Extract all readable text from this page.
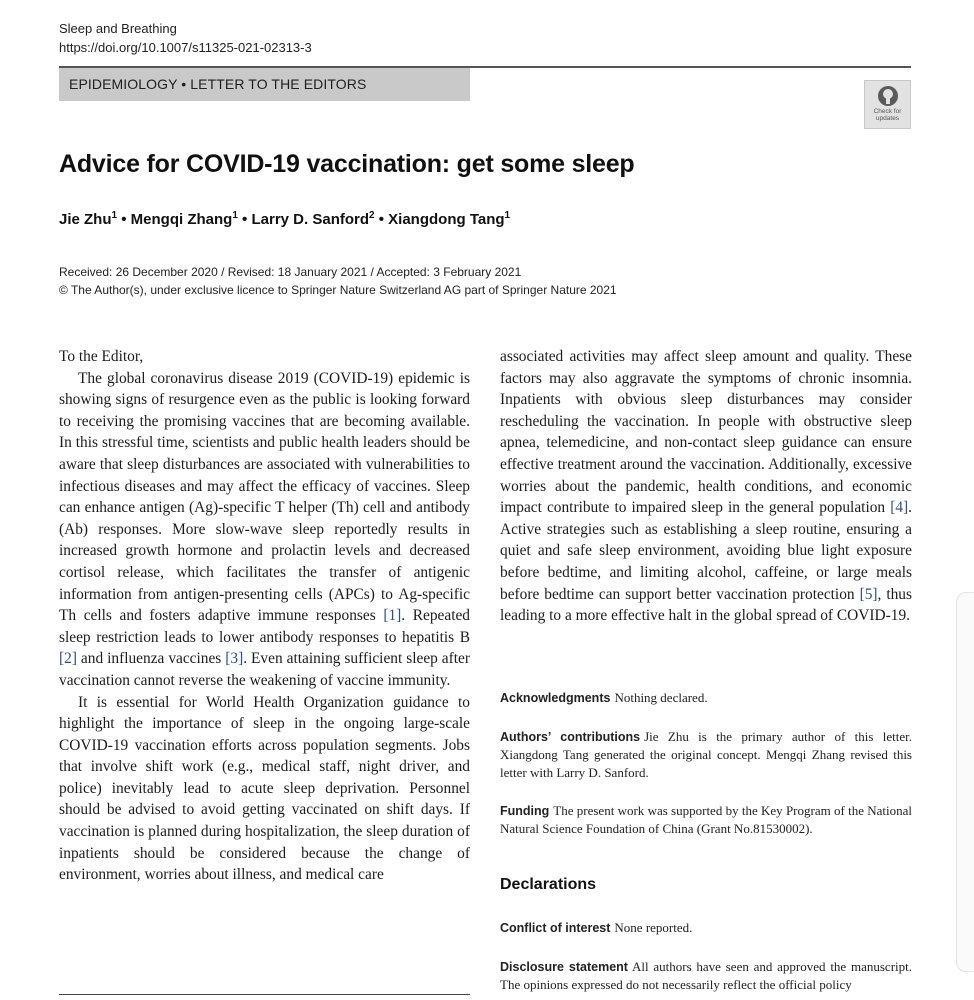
Sleep and Breathing
https://doi.org/10.1007/s11325-021-02313-3
EPIDEMIOLOGY • LETTER TO THE EDITORS
Check for
updates
Advice for COVID-19 vaccination: get some sleep
Jie Zhu$^1$ • Mengqi Zhang$^1$ • Larry D. Sanford$^2$ • Xiangdong Tang$^1$
Received: 26 December 2020 / Revised: 18 January 2021 / Accepted: 3 February 2021
© The Author(s), under exclusive licence to Springer Nature Switzerland AG part of Springer Nature 2021

To the Editor,

The global coronavirus disease 2019 (COVID-19) epidemic is showing signs of resurgence even as the public is looking forward to receiving the promising vaccines that are becoming available. In this stressful time, scientists and public health leaders should be aware that sleep disturbances are associated with vulnerabilities to infectious diseases and may affect the efficacy of vaccines. Sleep can enhance antigen (Ag)-specific T helper (Th) cell and antibody (Ab) responses. More slow-wave sleep reportedly results in increased growth hormone and prolactin levels and decreased cortisol release, which facilitates the transfer of antigenic information from antigen-presenting cells (APCs) to Ag-specific Th cells and fosters adaptive immune responses [1]. Repeated sleep restriction leads to lower antibody responses to hepatitis B [2] and influenza vaccines [3]. Even attaining sufficient sleep after vaccination cannot reverse the weakening of vaccine immunity.

It is essential for World Health Organization guidance to highlight the importance of sleep in the ongoing large-scale COVID-19 vaccination efforts across population segments. Jobs that involve shift work (e.g., medical staff, night driver, and police) inevitably lead to acute sleep deprivation. Personnel should be advised to avoid getting vaccinated on shift days. If vaccination is planned during hospitalization, the sleep duration of inpatients should be considered because the change of environment, worries about illness, and medical care

associated activities may affect sleep amount and quality. These factors may also aggravate the symptoms of chronic insomnia. Inpatients with obvious sleep disturbances may consider rescheduling the vaccination. In people with obstructive sleep apnea, telemedicine, and non-contact sleep guidance can ensure effective treatment around the vaccination. Additionally, excessive worries about the pandemic, health conditions, and economic impact contribute to impaired sleep in the general population [4]. Active strategies such as establishing a sleep routine, ensuring a quiet and safe sleep environment, avoiding blue light exposure before bedtime, and limiting alcohol, caffeine, or large meals before bedtime can support better vaccination protection [5], thus leading to a more effective halt in the global spread of COVID-19.

Acknowledgments Nothing declared.
Authors’ contributions Jie Zhu is the primary author of this letter. Xiangdong Tang generated the original concept. Mengqi Zhang revised this letter with Larry D. Sanford.
Funding The present work was supported by the Key Program of the National Natural Science Foundation of China (Grant No.81530002).
Declarations
Conflict of interest None reported.
Disclosure statement All authors have seen and approved the manuscript. The opinions expressed do not necessarily reflect the official policy
